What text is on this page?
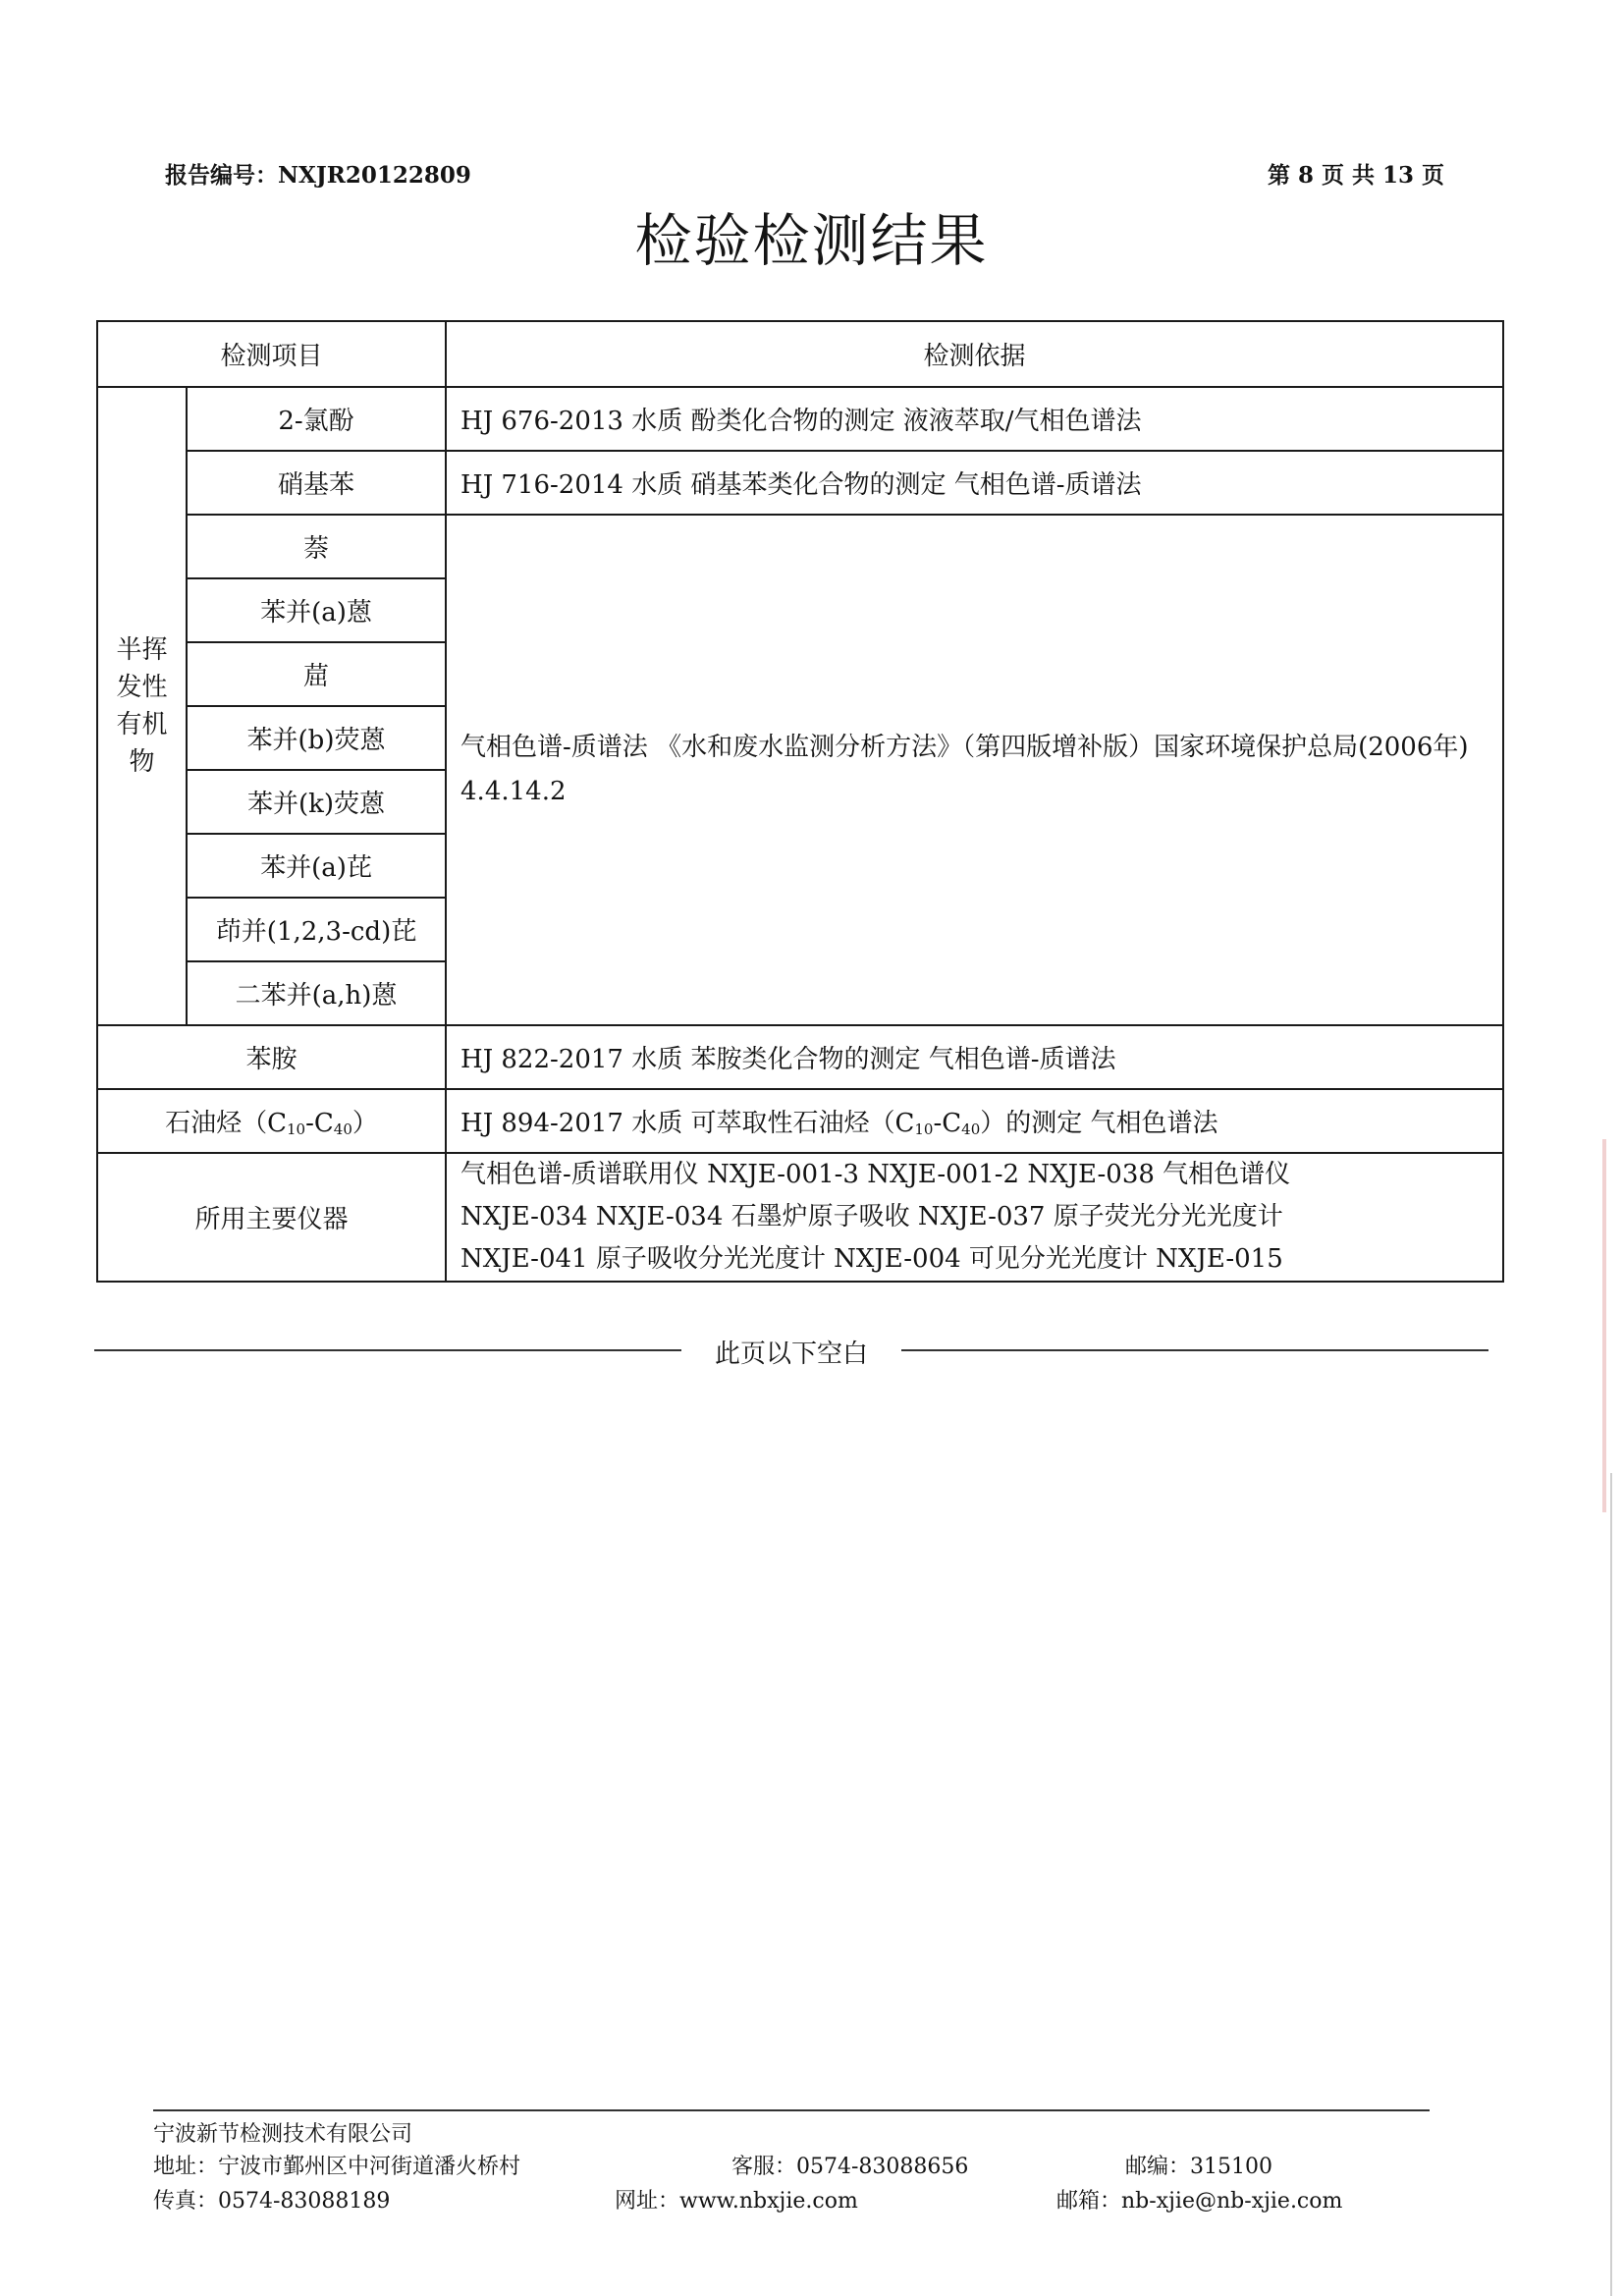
报告编号：NXJR20122809	第 8 页 共 13 页
检验检测结果
检测项目		检测依据

半挥
发性
有机
物	2-氯酚	HJ 676-2013 水质 酚类化合物的测定 液液萃取/气相色谱法
	硝基苯	HJ 716-2014 水质 硝基苯类化合物的测定 气相色谱-质谱法
	萘	气相色谱-质谱法 《水和废水监测分析方法》（第四版增补版）国家环境保护总局(2006年) 4.4.14.2
	苯并(a)蒽	
	䓛	
	苯并(b)荧蒽	
	苯并(k)荧蒽	
	苯并(a)芘	
	茚并(1,2,3-cd)芘	
	二苯并(a,h)蒽	
苯胺		HJ 822-2017 水质 苯胺类化合物的测定 气相色谱-质谱法
石油烃$(C_{10}-C_{40})$		HJ 894-2017 水质 可萃取性石油烃$(C_{10}-C_{40})$的测定 气相色谱法
所用主要仪器		气相色谱-质谱联用仪 NXJE-001-3 NXJE-001-2 NXJE-038 气相色谱仪
NXJE-034 NXJE-034 石墨炉原子吸收 NXJE-037 原子荧光分光光度计
NXJE-041 原子吸收分光光度计 NXJE-004 可见分光光度计 NXJE-015
此页以下空白
宁波新节检测技术有限公司
地址：宁波市鄞州区中河街道潘火桥村	客服：0574-83088656	邮编：315100
传真：0574-83088189	网址：www.nbxjie.com	邮箱：nb-xjie@nb-xjie.com
